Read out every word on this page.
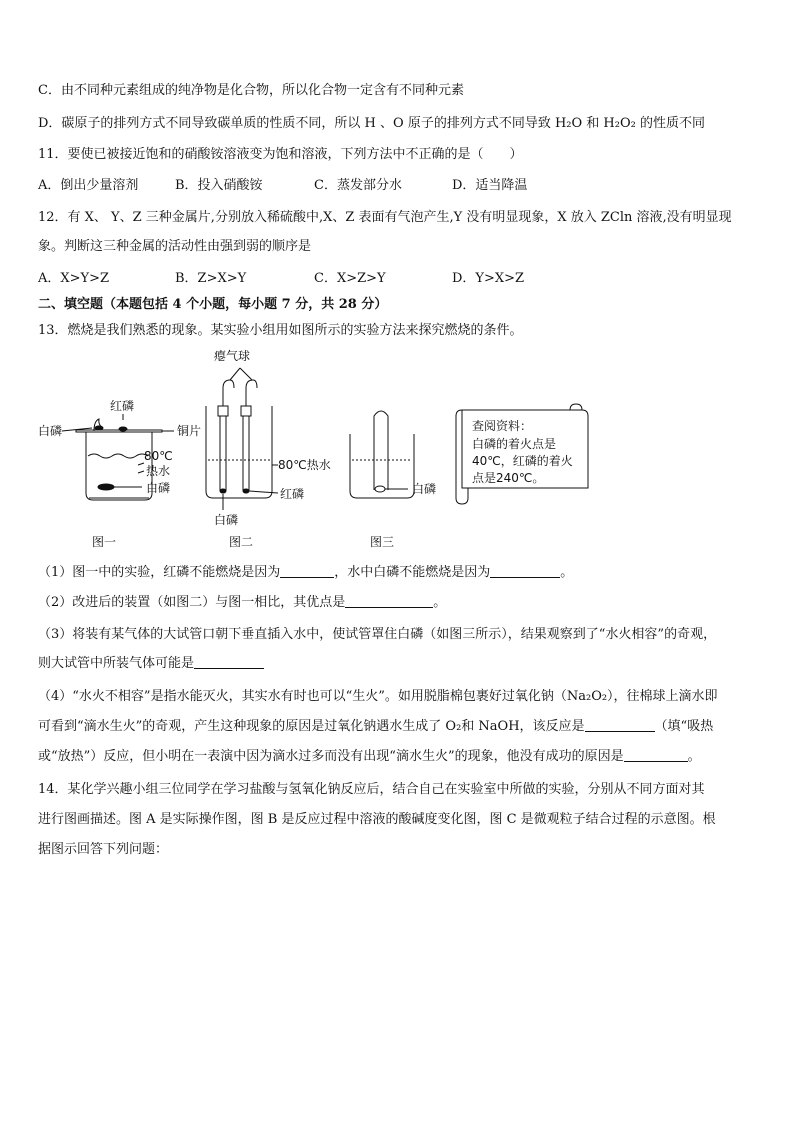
C．由不同种元素组成的纯净物是化合物，所以化合物一定含有不同种元素
D．碳原子的排列方式不同导致碳单质的性质不同，所以 H 、O 原子的排列方式不同导致 H₂O 和 H₂O₂ 的性质不同
11．要使已被接近饱和的硝酸铵溶液变为饱和溶液，下列方法中不正确的是（　　）
A．倒出少量溶剂	B．投入硝酸铵	C．蒸发部分水	D．适当降温
12．有 X、 Y、Z 三种金属片,分别放入稀硫酸中,X、Z 表面有气泡产生,Y 没有明显现象，X 放入 ZCln 溶液,没有明显现
象。判断这三种金属的活动性由强到弱的顺序是
A．X>Y>Z	B．Z>X>Y	C．X>Z>Y	D．Y>X>Z
二、填空题（本题包括 4 个小题，每小题 7 分，共 28 分）
13．燃烧是我们熟悉的现象。某实验小组用如图所示的实验方法来探究燃烧的条件。
红磷
白磷	铜片
80℃
热水
白磷
图一
瘪气球
80℃热水
红磷
白磷
图二
白磷
图三
查阅资料：
白磷的着火点是
40℃，红磷的着火
点是240℃。
（1）图一中的实验，红磷不能燃烧是因为	，水中白磷不能燃烧是因为	。
（2）改进后的装置（如图二）与图一相比，其优点是	。
（3）将装有某气体的大试管口朝下垂直插入水中，使试管罩住白磷（如图三所示），结果观察到了“水火相容”的奇观，
则大试管中所装气体可能是
（4）“水火不相容”是指水能灭火，其实水有时也可以“生火”。如用脱脂棉包裹好过氧化钠（Na₂O₂），往棉球上滴水即
可看到“滴水生火”的奇观，产生这种现象的原因是过氧化钠遇水生成了 O₂和 NaOH，该反应是	（填“吸热
或“放热”）反应，但小明在一表演中因为滴水过多而没有出现“滴水生火”的现象，他没有成功的原因是	。
14．某化学兴趣小组三位同学在学习盐酸与氢氧化钠反应后，结合自己在实验室中所做的实验，分别从不同方面对其
进行图画描述。图 A 是实际操作图，图 B 是反应过程中溶液的酸碱度变化图，图 C 是微观粒子结合过程的示意图。根
据图示回答下列问题：
